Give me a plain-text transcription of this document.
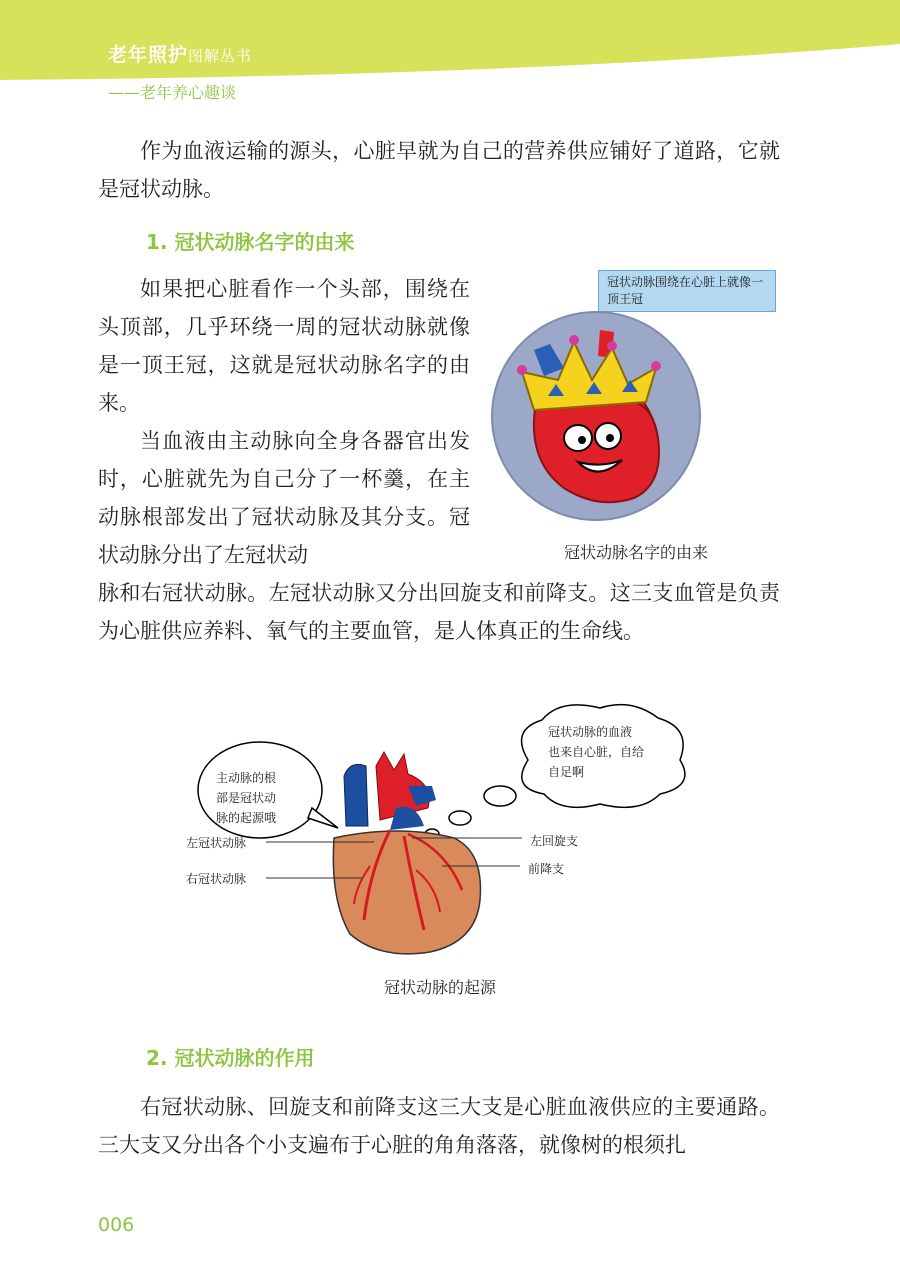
老年照护图解丛书

——老年养心趣谈

作为血液运输的源头，心脏早就为自己的营养供应铺好了道路，它就是冠状动脉。

1. 冠状动脉名字的由来

如果把心脏看作一个头部，围绕在头顶部，几乎环绕一周的冠状动脉就像是一顶王冠，这就是冠状动脉名字的由来。

当血液由主动脉向全身各器官出发时，心脏就先为自己分了一杯羹，在主动脉根部发出了冠状动脉及其分支。冠状动脉分出了左冠状动

脉和右冠状动脉。左冠状动脉又分出回旋支和前降支。这三支血管是负责为心脏供应养料、氧气的主要血管，是人体真正的生命线。

冠状动脉围绕在心脏上就像一顶王冠

冠状动脉名字的由来

主动脉的根

部是冠状动

脉的起源哦

冠状动脉的血液

也来自心脏，自给

自足啊

左冠状动脉

右冠状动脉

左回旋支

前降支

冠状动脉的起源

2. 冠状动脉的作用

右冠状动脉、回旋支和前降支这三大支是心脏血液供应的主要通路。三大支又分出各个小支遍布于心脏的角角落落，就像树的根须扎

006
